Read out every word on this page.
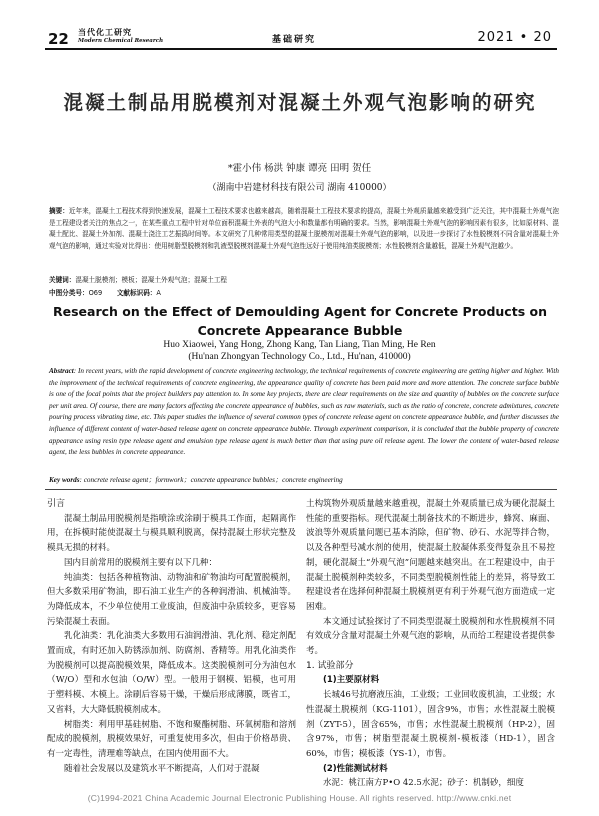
22 当代化工研究
Modern Chemical Research	基础研究	2021 • 20
混凝土制品用脱模剂对混凝土外观气泡影响的研究
*霍小伟 杨洪 钟康 谭亮 田明 贺任
（湖南中岩建材科技有限公司 湖南 410000）
摘要：近年来，混凝土工程技术得到快速发展，混凝土工程技术要求也越来越高，随着混凝土工程技术要求的提高，混凝土外观质量越来越受到广泛关注，其中混凝土外观气泡是工程建设者关注的焦点之一，在某些重点工程中针对单位面积混凝土外表的气泡大小和数量都有明确的要求。当然，影响混凝土外观气泡的影响因素有很多，比如原材料、混凝土配比、混凝土外加剂、混凝土浇注工艺振捣时间等。本文研究了几种常用类型的混凝土脱模剂对混凝土外观气泡的影响，以及进一步探讨了水性脱模剂不同含量对混凝土外观气泡的影响，通过实验对比得出：使用树脂型脱模剂和乳液型脱模剂混凝土外观气泡性远好于使用纯油类脱模剂；水性脱模剂含量越低，混凝土外观气泡越少。
关键词：混凝土脱模剂；模板；混凝土外观气泡；混凝土工程
中图分类号：O69 文献标识码：A
Research on the Effect of Demoulding Agent for Concrete Products on Concrete Appearance Bubble
Huo Xiaowei, Yang Hong, Zhong Kang, Tan Liang, Tian Ming, He Ren
(Hu'nan Zhongyan Technology Co., Ltd., Hu'nan, 410000)
Abstract: In recent years, with the rapid development of concrete engineering technology, the technical requirements of concrete engineering are getting higher and higher. With the improvement of the technical requirements of concrete engineering, the appearance quality of concrete has been paid more and more attention. The concrete surface bubble is one of the focal points that the project builders pay attention to. In some key projects, there are clear requirements on the size and quantity of bubbles on the concrete surface per unit area. Of course, there are many factors affecting the concrete appearance of bubbles, such as raw materials, such as the ratio of concrete, concrete admixtures, concrete pouring process vibrating time, etc. This paper studies the influence of several common types of concrete release agent on concrete appearance bubble, and further discusses the influence of different content of water-based release agent on concrete appearance bubble. Through experiment comparison, it is concluded that the bubble property of concrete appearance using resin type release agent and emulsion type release agent is much better than that using pure oil release agent. The lower the content of water-based release agent, the less bubbles in concrete appearance.
Key words: concrete release agent；formwork；concrete appearance bubbles；concrete engineering

引言

混凝土制品用脱模剂是指喷涂或涂刷于模具工作面，起隔离作用，在拆模时能使混凝土与模具顺利脱离，保持混凝土形状完整及模具无损的材料。

国内目前常用的脱模剂主要有以下几种：

纯油类：包括各种植物油、动物油和矿物油均可配置脱模剂，但大多数采用矿物油，即石油工业生产的各种润滑油、机械油等。为降低成本，不少单位使用工业废油，但废油中杂质较多，更容易污染混凝土表面。

乳化油类：乳化油类大多数用石油润滑油、乳化剂、稳定剂配置而成，有时还加入防锈添加剂、防腐剂、香精等。用乳化油类作为脱模剂可以提高脱模效果，降低成本。这类脱模剂可分为油包水（W/O）型和水包油（O/W）型。一般用于钢模、铝模，也可用于塑料模、木模上。涂刷后容易干燥，干燥后形成薄膜，既省工，又省料，大大降低脱模剂成本。

树脂类：利用甲基硅树脂、不饱和聚酯树脂、环氧树脂和溶剂配成的脱模剂，脱模效果好，可重复使用多次，但由于价格昂贵、有一定毒性，清理难等缺点，在国内使用面不大。

随着社会发展以及建筑水平不断提高，人们对于混凝

土构筑物外观质量越来越重视，混凝土外观质量已成为硬化混凝土性能的重要指标。现代混凝土制备技术的不断进步，蜂窝、麻面、波浪等外观质量问题已基本消除，但矿物、砂石、水泥等拌合物，以及各种型号减水剂的使用，使混凝土胶凝体系变得复杂且不易控制，硬化混凝土“外观气泡”问题越来越突出。在工程建设中，由于混凝土脱模剂种类较多，不同类型脱模剂性能上的差异，将导致工程建设者在选择何种混凝土脱模剂更有利于外观气泡方面造成一定困难。

本文通过试验探讨了不同类型混凝土脱模剂和水性脱模剂不同有效成分含量对混凝土外观气泡的影响，从而给工程建设者提供参考。

1. 试验部分

(1)主要原材料

长城46号抗磨液压油，工业级；工业回收废机油，工业级；水性混凝土脱模剂（KG-1101），固含9%，市售；水性混凝土脱模剂（ZYT-5），固含65%，市售；水性混凝土脱模剂（HP-2），固含97%，市售；树脂型混凝土脱模剂-模板漆（HD-1），固含60%，市售；模板漆（YS-1），市售。

(2)性能测试材料

水泥：桃江南方P•O 42.5水泥；砂子：机制砂，细度

(C)1994-2021 China Academic Journal Electronic Publishing House. All rights reserved. http://www.cnki.net
